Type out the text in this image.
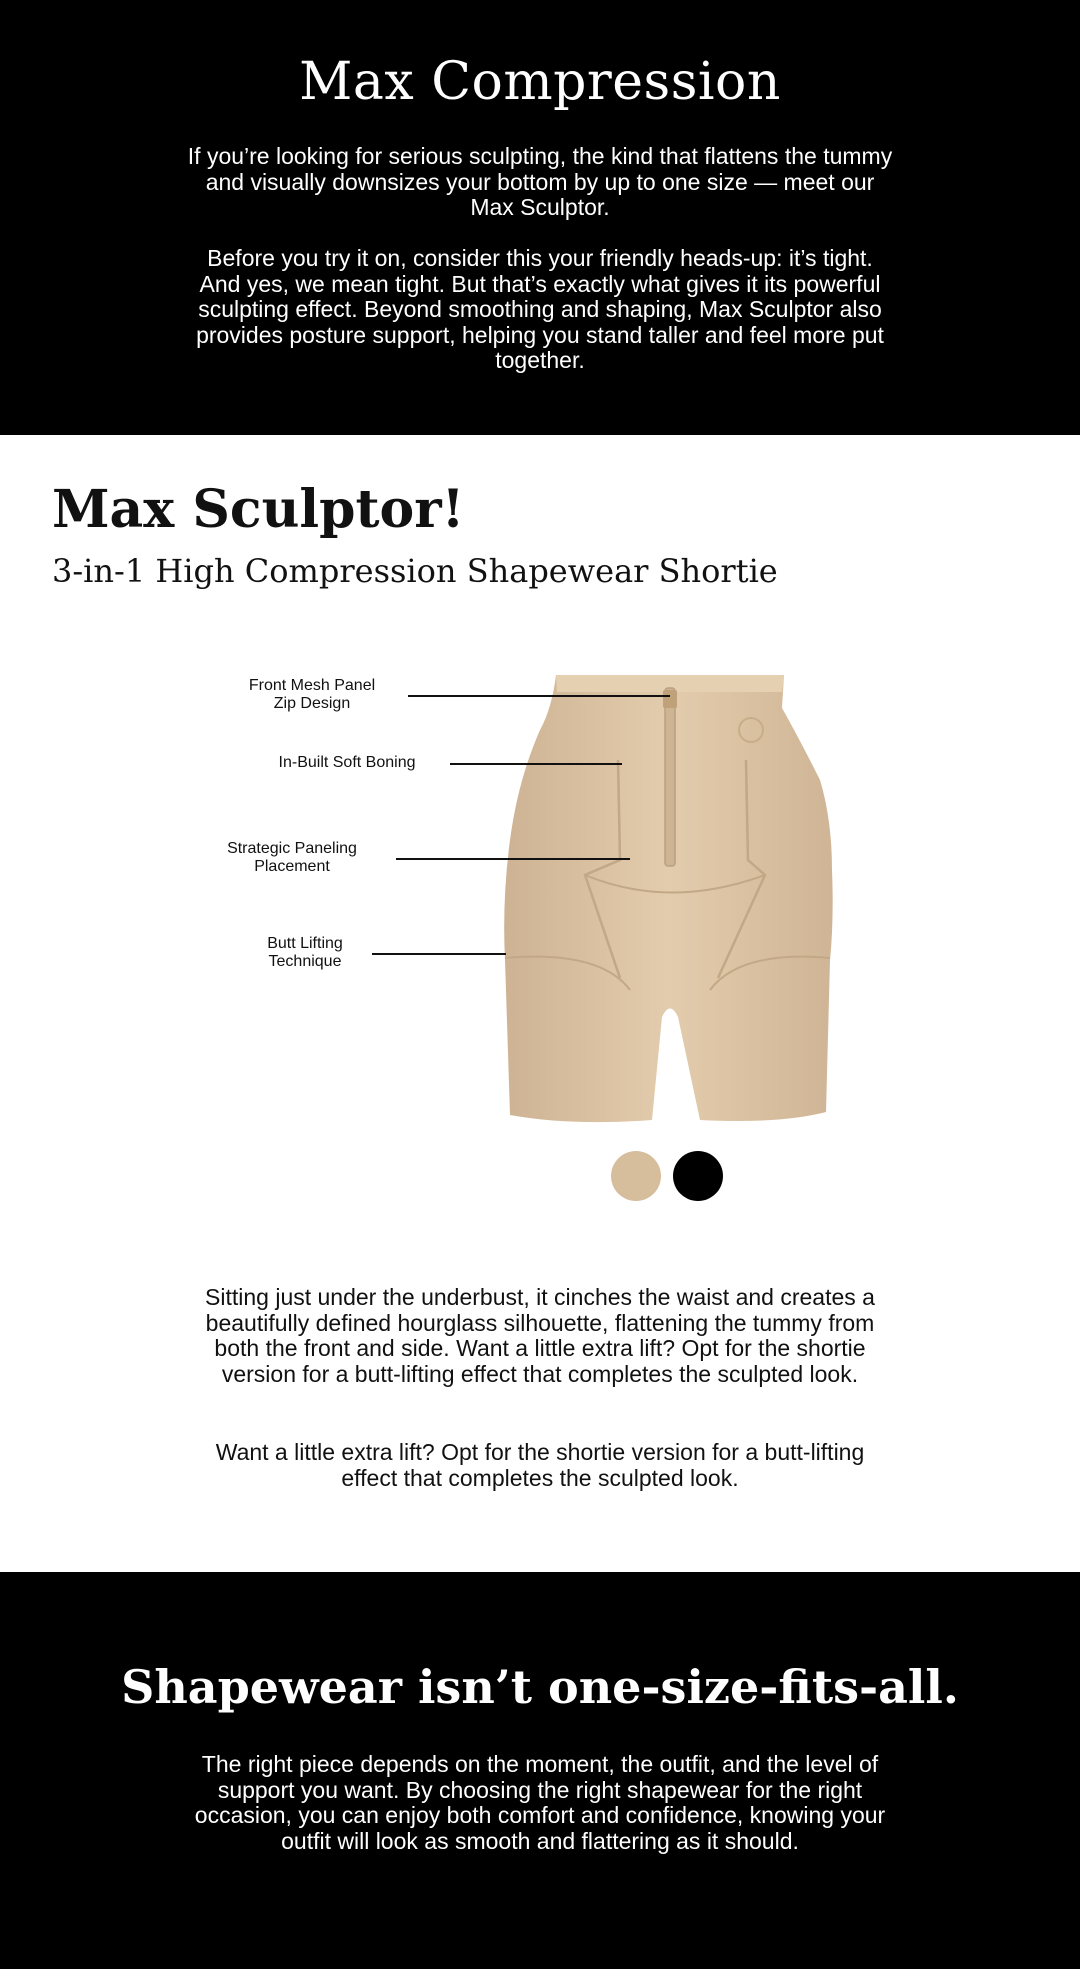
Max Compression

If you’re looking for serious sculpting, the kind that flattens the tummy and visually downsizes your bottom by up to one size — meet our Max Sculptor.

Before you try it on, consider this your friendly heads-up: it’s tight. And yes, we mean tight. But that’s exactly what gives it its powerful sculpting effect. Beyond smoothing and shaping, Max Sculptor also provides posture support, helping you stand taller and feel more put together.

Max Sculptor!
3-in-1 High Compression Shapewear Shortie
Front Mesh Panel
Zip Design
In-Built Soft Boning
Strategic Paneling
Placement
Butt Lifting
Technique

Sitting just under the underbust, it cinches the waist and creates a beautifully defined hourglass silhouette, flattening the tummy from both the front and side. Want a little extra lift? Opt for the shortie version for a butt-lifting effect that completes the sculpted look.

Want a little extra lift? Opt for the shortie version for a butt-lifting effect that completes the sculpted look.

Shapewear isn’t one-size-fits-all.

The right piece depends on the moment, the outfit, and the level of support you want. By choosing the right shapewear for the right occasion, you can enjoy both comfort and confidence, knowing your outfit will look as smooth and flattering as it should.
